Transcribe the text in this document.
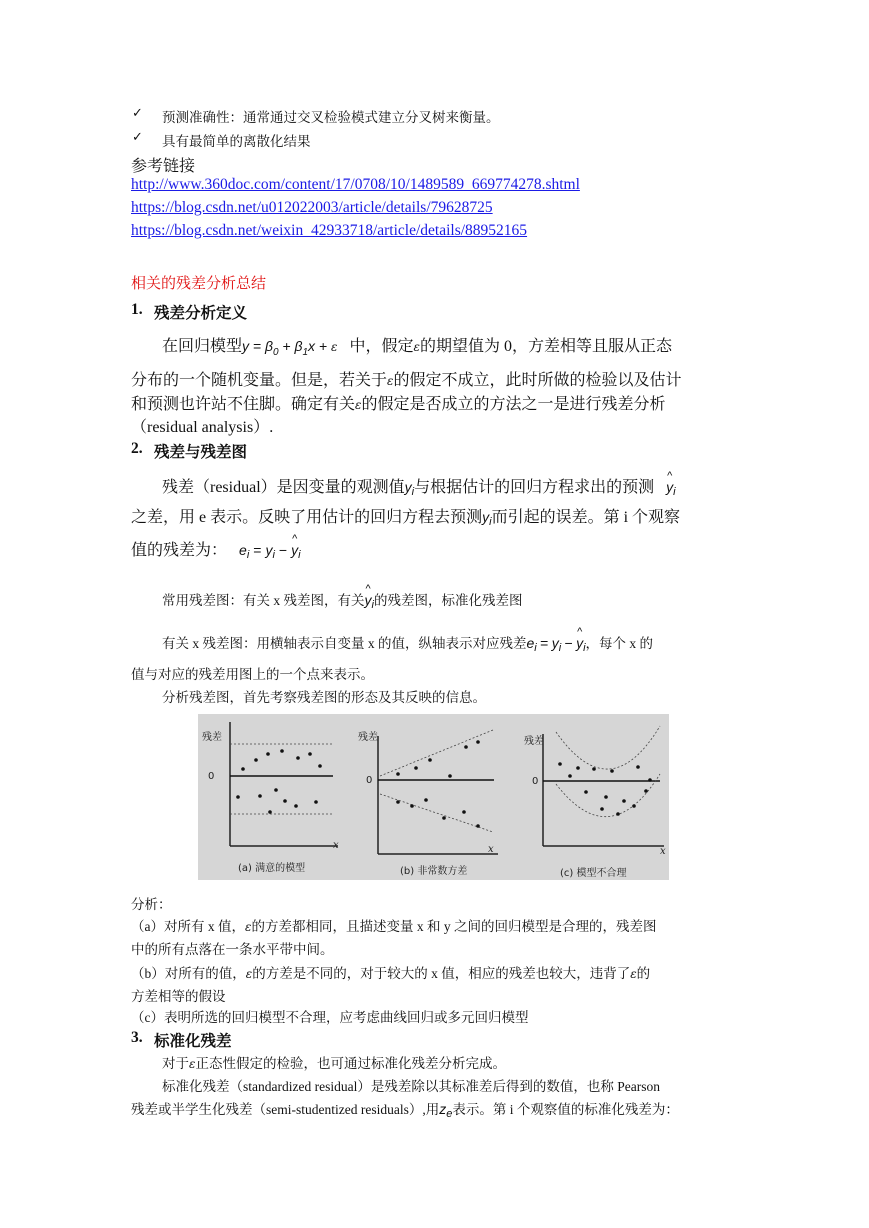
✓ 预测准确性：通常通过交叉检验模式建立分叉树来衡量。
✓ 具有最简单的离散化结果
参考链接
http://www.360doc.com/content/17/0708/10/1489589_669774278.shtml
https://blog.csdn.net/u012022003/article/details/79628725
https://blog.csdn.net/weixin_42933718/article/details/88952165
相关的残差分析总结
1. 残差分析定义
在回归模型$y = \beta_0 + \beta_1x + \varepsilon$ 中，假定ε的期望值为 0，方差相等且服从正态
分布的一个随机变量。但是，若关于ε的假定不成立，此时所做的检验以及估计
和预测也许站不住脚。确定有关ε的假定是否成立的方法之一是进行残差分析
（residual analysis）.
2. 残差与残差图
残差（residual）是因变量的观测值yi与根据估计的回归方程求出的预测 ^ yi
之差，用 e 表示。反映了用估计的回归方程去预测yi而引起的误差。第 i 个观察
值的残差为： ei = yi − ^ yi
常用残差图：有关 x 残差图，有关^ $y_i$的残差图，标准化残差图
有关 x 残差图：用横轴表示自变量 x 的值，纵轴表示对应残差$e_i = y_i$ − ^ $y_i$，每个 x 的
值与对应的残差用图上的一个点来表示。
分析残差图，首先考察残差图的形态及其反映的信息。
残差
0
x
(a) 满意的模型
残差
0
x
(b) 非常数方差
残差
0
x
(c) 模型不合理
分析：
（a）对所有 x 值，ε的方差都相同，且描述变量 x 和 y 之间的回归模型是合理的，残差图
中的所有点落在一条水平带中间。
（b）对所有的值，ε的方差是不同的，对于较大的 x 值，相应的残差也较大，违背了ε的
方差相等的假设
（c）表明所选的回归模型不合理，应考虑曲线回归或多元回归模型
3. 标准化残差
对于ε正态性假定的检验，也可通过标准化残差分析完成。
标准化残差（standardized residual）是残差除以其标准差后得到的数值，也称 Pearson
残差或半学生化残差（semi-studentized residuals）,用$z_e$表示。第 i 个观察值的标准化残差为：
